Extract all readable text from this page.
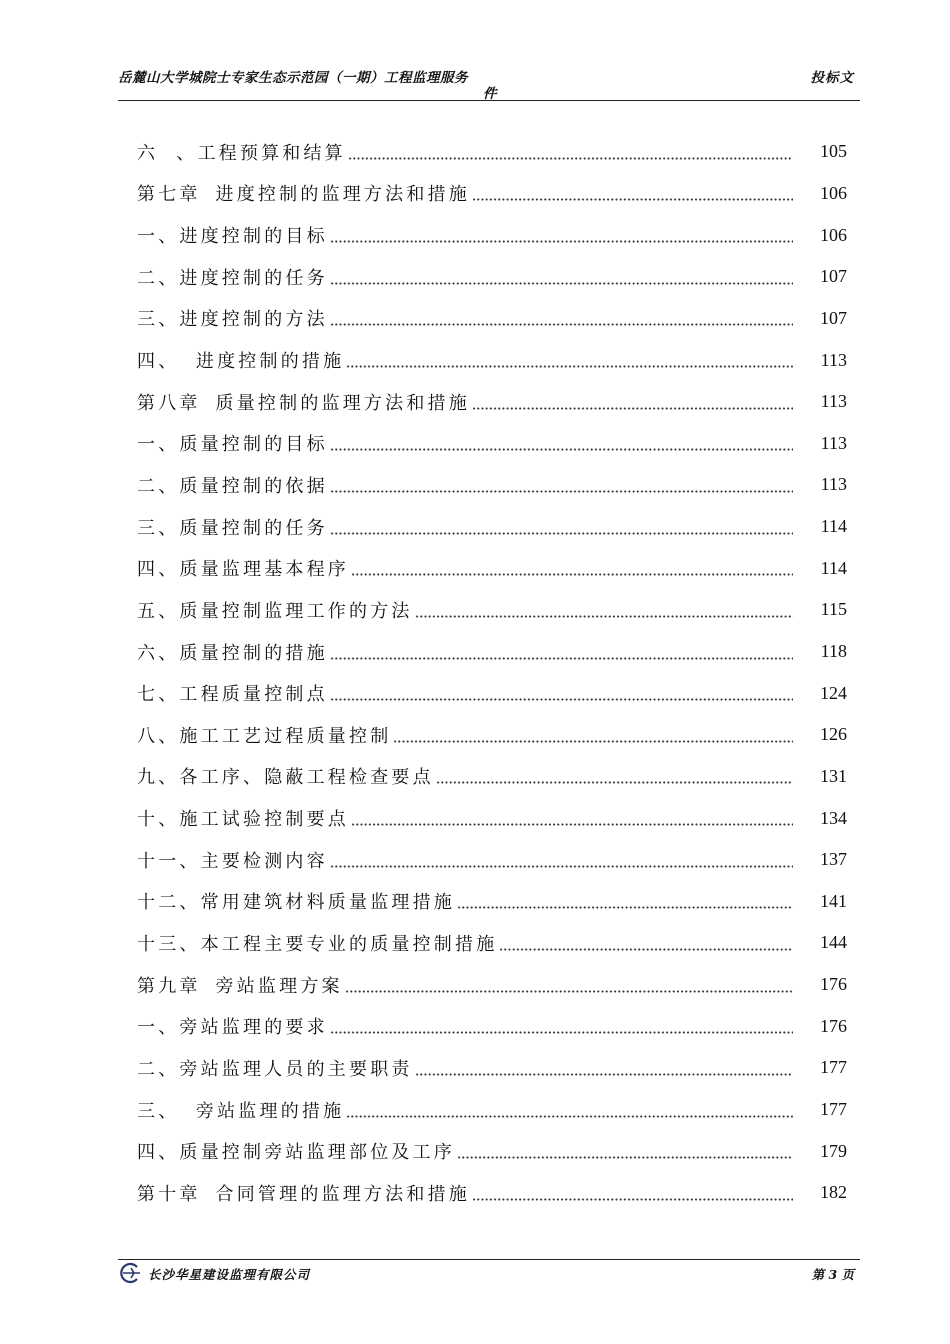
岳麓山大学城院士专家生态示范园（一期）工程监理服务
件
投标文
六	、工程预算和结算	105
第七章	进度控制的监理方法和措施	106
一、进度控制的目标	106
二、进度控制的任务	107
三、进度控制的方法	107
四、	进度控制的措施	113
第八章	质量控制的监理方法和措施	113
一、质量控制的目标	113
二、质量控制的依据	113
三、质量控制的任务	114
四、质量监理基本程序	114
五、质量控制监理工作的方法	115
六、质量控制的措施	118
七、工程质量控制点	124
八、施工工艺过程质量控制	126
九、各工序、隐蔽工程检查要点	131
十、施工试验控制要点	134
十一、主要检测内容	137
十二、常用建筑材料质量监理措施	141
十三、本工程主要专业的质量控制措施	144
第九章	旁站监理方案	176
一、旁站监理的要求	176
二、旁站监理人员的主要职责	177
三、	旁站监理的措施	177
四、质量控制旁站监理部位及工序	179
第十章	合同管理的监理方法和措施	182
长沙华星建设监理有限公司	第 3 页
